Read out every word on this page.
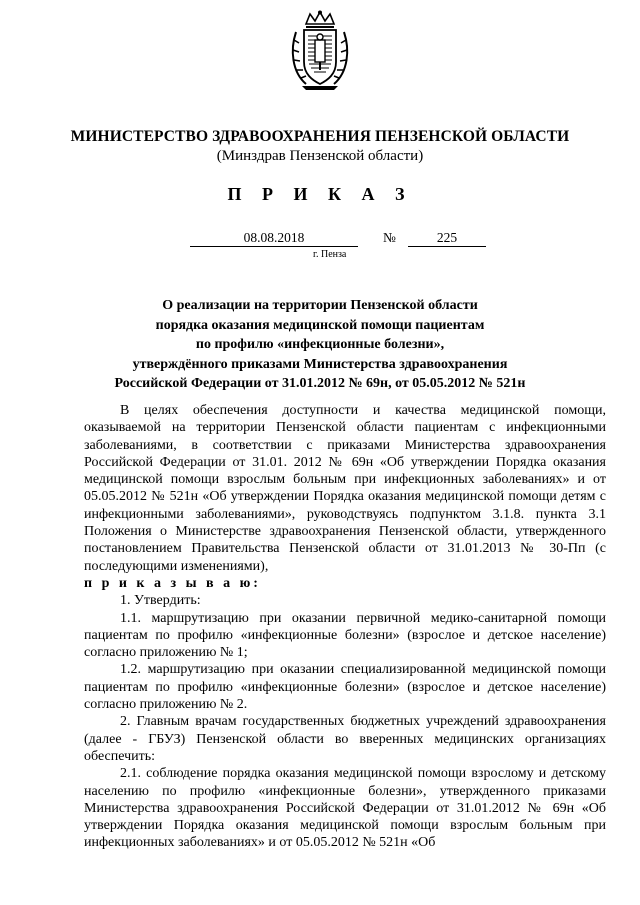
МИНИСТЕРСТВО ЗДРАВООХРАНЕНИЯ ПЕНЗЕНСКОЙ ОБЛАСТИ
(Минздрав Пензенской области)
П Р И К А З
08.08.2018	№	225
г. Пенза
О реализации на территории Пензенской области
порядка оказания медицинской помощи пациентам
по профилю «инфекционные болезни»,
утверждённого приказами Министерства здравоохранения
Российской Федерации от 31.01.2012 № 69н, от 05.05.2012 № 521н

В целях обеспечения доступности и качества медицинской помощи, оказываемой на территории Пензенской области пациентам с инфекционными заболеваниями, в соответствии с приказами Министерства здравоохранения Российской Федерации от 31.01. 2012 № 69н «Об утверждении Порядка оказания медицинской помощи взрослым больным при инфекционных заболеваниях» и от 05.05.2012 № 521н «Об утверждении Порядка оказания медицинской помощи детям с инфекционными заболеваниями», руководствуясь подпунктом 3.1.8. пункта 3.1 Положения о Министерстве здравоохранения Пензенской области, утвержденного постановлением Правительства Пензенской области от 31.01.2013 № 30-Пп (с последующими изменениями),

п р и к а з ы в а ю:

1. Утвердить:

1.1. маршрутизацию при оказании первичной медико-санитарной помощи пациентам по профилю «инфекционные болезни» (взрослое и детское население) согласно приложению № 1;

1.2. маршрутизацию при оказании специализированной медицинской помощи пациентам по профилю «инфекционные болезни» (взрослое и детское население) согласно приложению № 2.

2. Главным врачам государственных бюджетных учреждений здравоохранения (далее - ГБУЗ) Пензенской области во вверенных медицинских организациях обеспечить:

2.1. соблюдение порядка оказания медицинской помощи взрослому и детскому населению по профилю «инфекционные болезни», утвержденного приказами Министерства здравоохранения Российской Федерации от 31.01.2012 № 69н «Об утверждении Порядка оказания медицинской помощи взрослым больным при инфекционных заболеваниях» и от 05.05.2012 № 521н «Об
